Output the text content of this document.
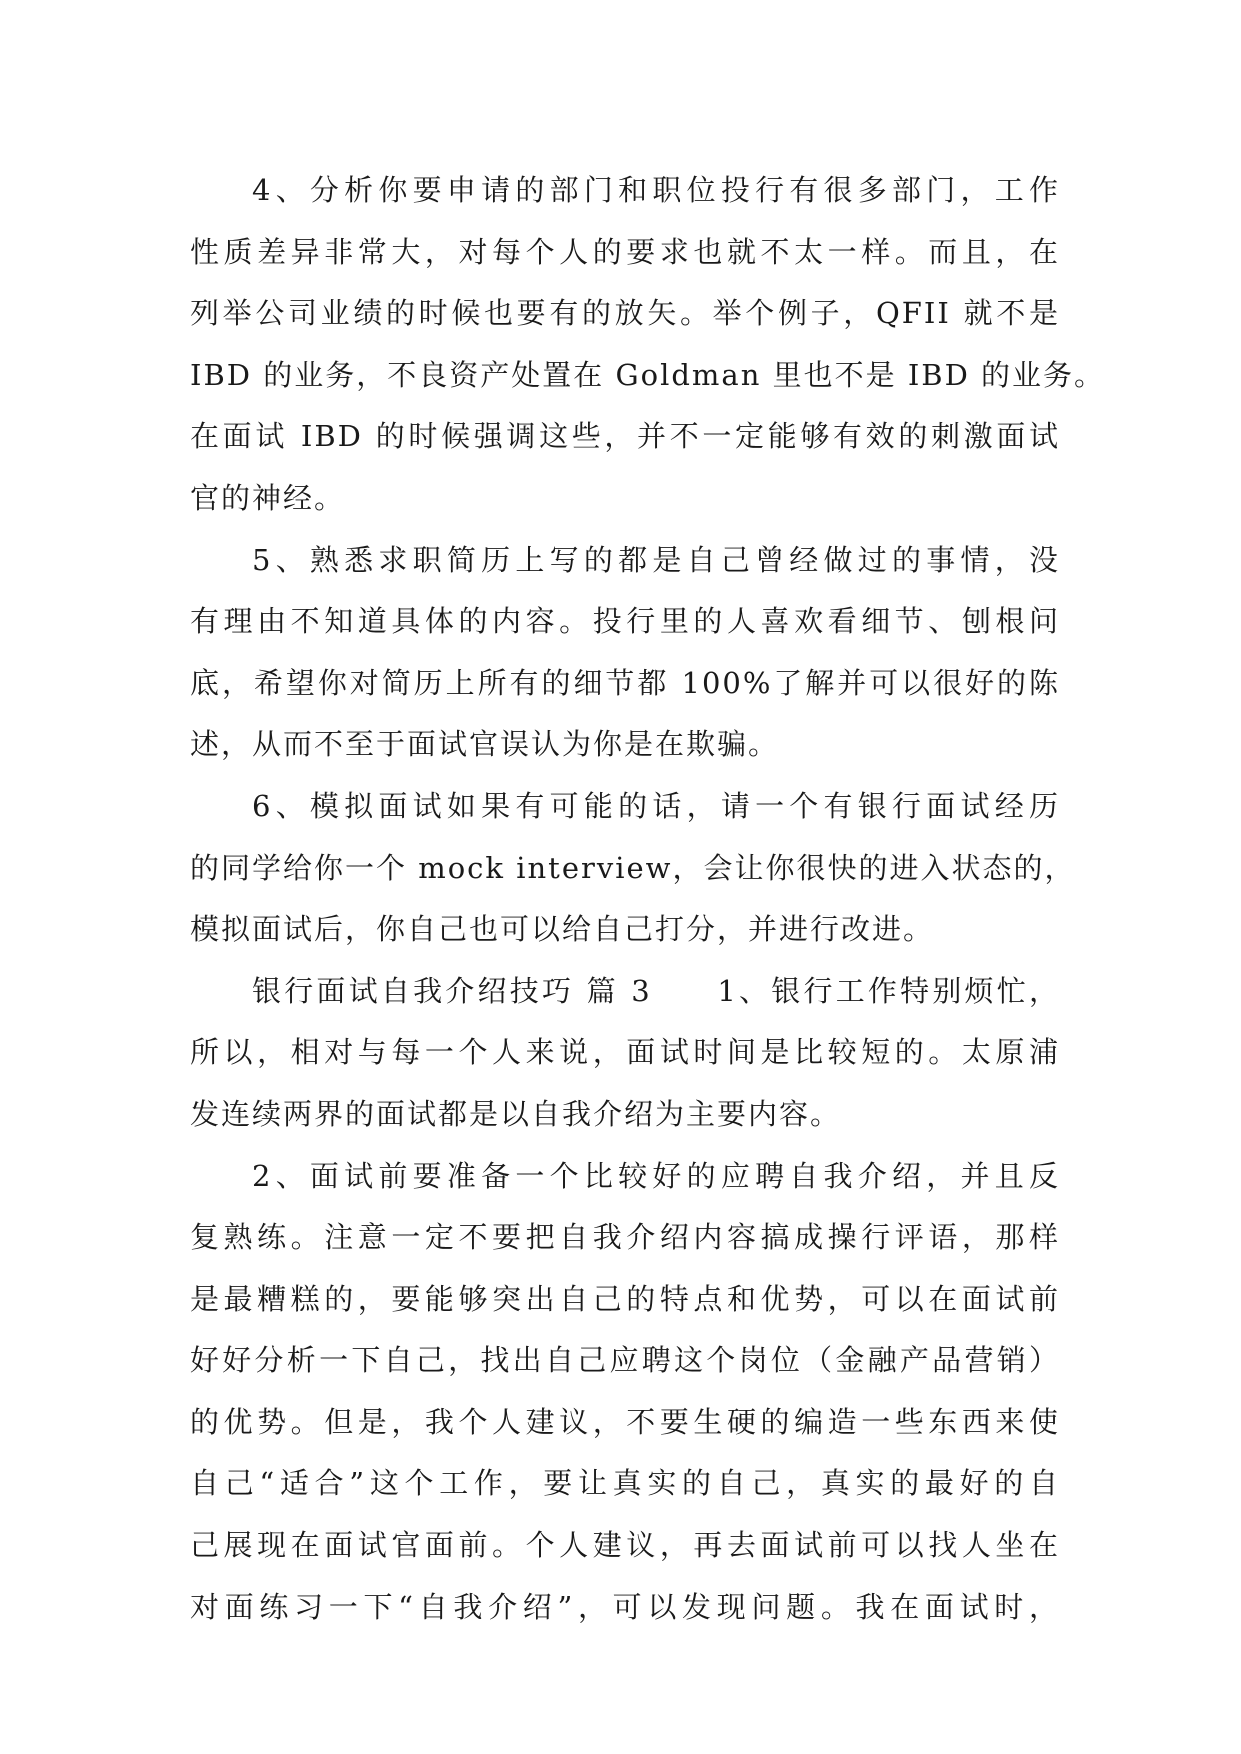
4、分析你要申请的部门和职位投行有很多部门，工作
性质差异非常大，对每个人的要求也就不太一样。而且，在
列举公司业绩的时候也要有的放矢。举个例子，QFII 就不是
IBD 的业务，不良资产处置在 Goldman 里也不是 IBD 的业务。
在面试 IBD 的时候强调这些，并不一定能够有效的刺激面试
官的神经。
5、熟悉求职简历上写的都是自己曾经做过的事情，没
有理由不知道具体的内容。投行里的人喜欢看细节、刨根问
底，希望你对简历上所有的细节都 100%了解并可以很好的陈
述，从而不至于面试官误认为你是在欺骗。
6、模拟面试如果有可能的话，请一个有银行面试经历
的同学给你一个 mock interview，会让你很快的进入状态的，
模拟面试后，你自己也可以给自己打分，并进行改进。
银行面试自我介绍技巧 篇 3　　1、银行工作特别烦忙，
所以，相对与每一个人来说，面试时间是比较短的。太原浦
发连续两界的面试都是以自我介绍为主要内容。
2、面试前要准备一个比较好的应聘自我介绍，并且反
复熟练。注意一定不要把自我介绍内容搞成操行评语，那样
是最糟糕的，要能够突出自己的特点和优势，可以在面试前
好好分析一下自己，找出自己应聘这个岗位（金融产品营销）
的优势。但是，我个人建议，不要生硬的编造一些东西来使
自己“适合”这个工作，要让真实的自己，真实的最好的自
己展现在面试官面前。个人建议，再去面试前可以找人坐在
对面练习一下“自我介绍”，可以发现问题。我在面试时，
